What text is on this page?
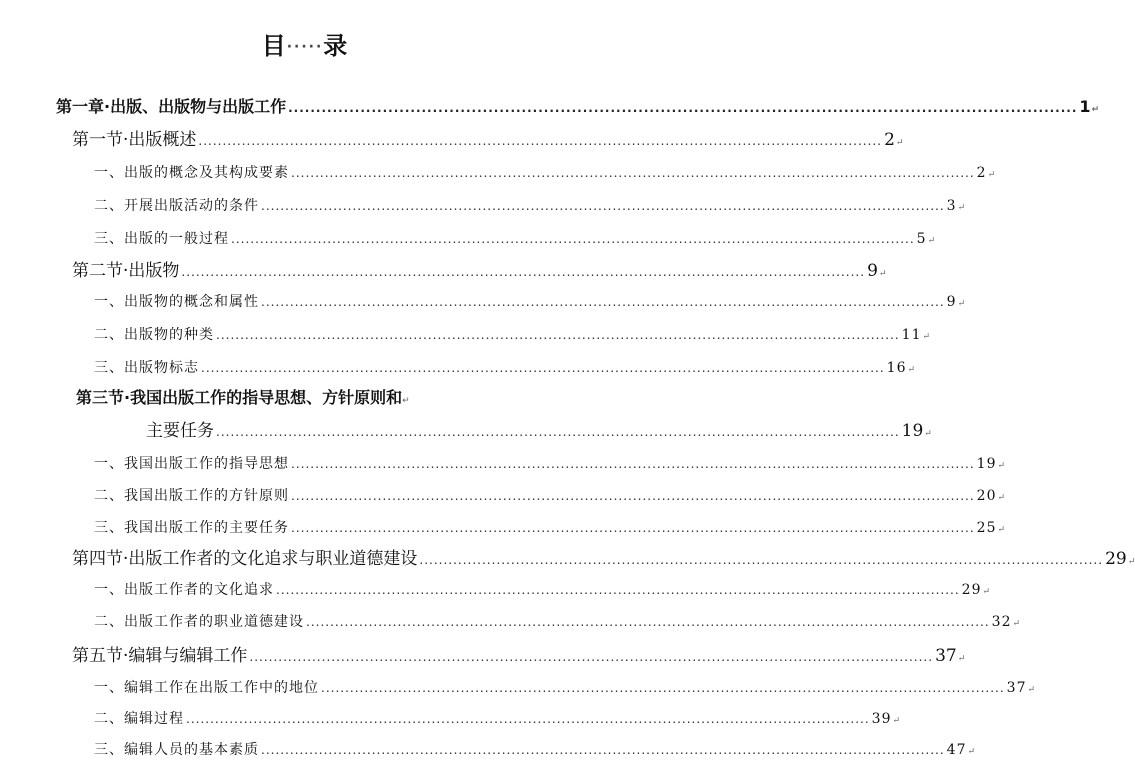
目·····录
第一章·出版、出版物与出版工作 .............................................................................................................................................. 1 ↵
第一节·出版概述 .............................................................................................................................................. 2 ↵
一、出版的概念及其构成要素 .............................................................................................................................................. 2 ↵
二、开展出版活动的条件 .............................................................................................................................................. 3 ↵
三、出版的一般过程 .............................................................................................................................................. 5 ↵
第二节·出版物 .............................................................................................................................................. 9 ↵
一、出版物的概念和属性 .............................................................................................................................................. 9 ↵
二、出版物的种类 .............................................................................................................................................. 11 ↵
三、出版物标志 .............................................................................................................................................. 16 ↵
第三节·我国出版工作的指导思想、方针原则和↵
主要任务 .............................................................................................................................................. 19 ↵
一、我国出版工作的指导思想 .............................................................................................................................................. 19 ↵
二、我国出版工作的方针原则 .............................................................................................................................................. 20 ↵
三、我国出版工作的主要任务 .............................................................................................................................................. 25 ↵
第四节·出版工作者的文化追求与职业道德建设 .............................................................................................................................................. 29 ↵
一、出版工作者的文化追求 .............................................................................................................................................. 29 ↵
二、出版工作者的职业道德建设 .............................................................................................................................................. 32 ↵
第五节·编辑与编辑工作 .............................................................................................................................................. 37 ↵
一、编辑工作在出版工作中的地位 .............................................................................................................................................. 37 ↵
二、编辑过程 .............................................................................................................................................. 39 ↵
三、编辑人员的基本素质 .............................................................................................................................................. 47 ↵
